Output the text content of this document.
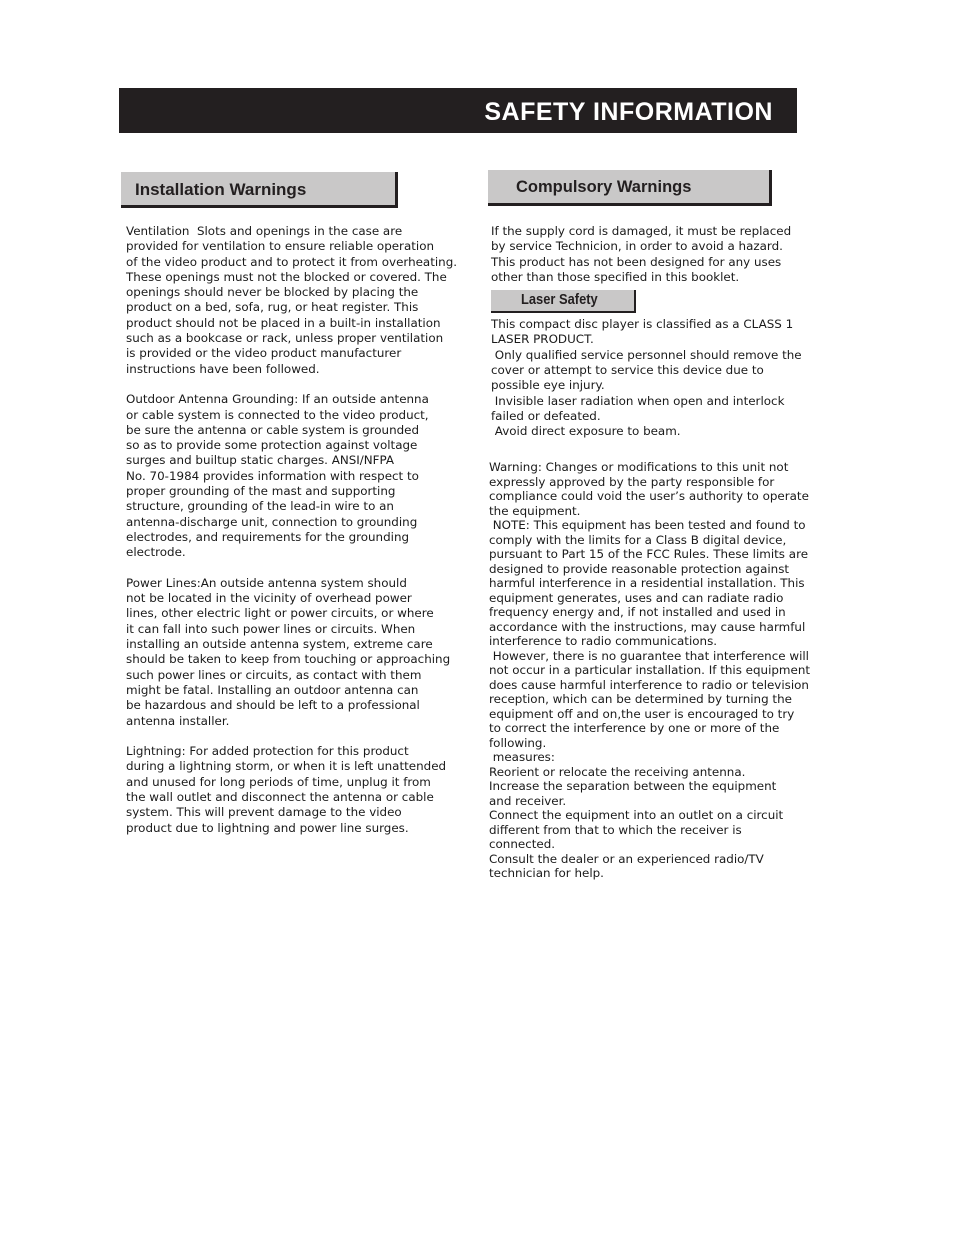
SAFETY INFORMATION
Installation Warnings	Compulsory Warnings
Ventilation  Slots and openings in the case are
provided for ventilation to ensure reliable operation
of the video product and to protect it from overheating.
These openings must not the blocked or covered. The
openings should never be blocked by placing the
product on a bed, sofa, rug, or heat register. This
product should not be placed in a built-in installation
such as a bookcase or rack, unless proper ventilation
is provided or the video product manufacturer
instructions have been followed.
Outdoor Antenna Grounding: If an outside antenna
or cable system is connected to the video product,
be sure the antenna or cable system is grounded
so as to provide some protection against voltage
surges and builtup static charges. ANSI/NFPA
No. 70-1984 provides information with respect to
proper grounding of the mast and supporting
structure, grounding of the lead-in wire to an
antenna-discharge unit, connection to grounding
electrodes, and requirements for the grounding
electrode.
Power Lines:An outside antenna system should
not be located in the vicinity of overhead power
lines, other electric light or power circuits, or where
it can fall into such power lines or circuits. When
installing an outside antenna system, extreme care
should be taken to keep from touching or approaching
such power lines or circuits, as contact with them
might be fatal. Installing an outdoor antenna can
be hazardous and should be left to a professional
antenna installer.
Lightning: For added protection for this product
during a lightning storm, or when it is left unattended
and unused for long periods of time, unplug it from
the wall outlet and disconnect the antenna or cable
system. This will prevent damage to the video
product due to lightning and power line surges.
If the supply cord is damaged, it must be replaced
by service Technicion, in order to avoid a hazard.
This product has not been designed for any uses
other than those specified in this booklet.
This compact disc player is classified as a CLASS 1
LASER PRODUCT.
Only qualified service personnel should remove the
cover or attempt to service this device due to
possible eye injury.
Invisible laser radiation when open and interlock
failed or defeated.
Avoid direct exposure to beam.
Laser Safety
Warning: Changes or modifications to this unit not
expressly approved by the party responsible for
compliance could void the user’s authority to operate
the equipment.
NOTE: This equipment has been tested and found to
comply with the limits for a Class B digital device,
pursuant to Part 15 of the FCC Rules. These limits are
designed to provide reasonable protection against
harmful interference in a residential installation. This
equipment generates, uses and can radiate radio
frequency energy and, if not installed and used in
accordance with the instructions, may cause harmful
interference to radio communications.
However, there is no guarantee that interference will
not occur in a particular installation. If this equipment
does cause harmful interference to radio or television
reception, which can be determined by turning the
equipment off and on,the user is encouraged to try
to correct the interference by one or more of the
following.
measures:
Reorient or relocate the receiving antenna.
Increase the separation between the equipment
and receiver.
Connect the equipment into an outlet on a circuit
different from that to which the receiver is
connected.
Consult the dealer or an experienced radio/TV
technician for help.
